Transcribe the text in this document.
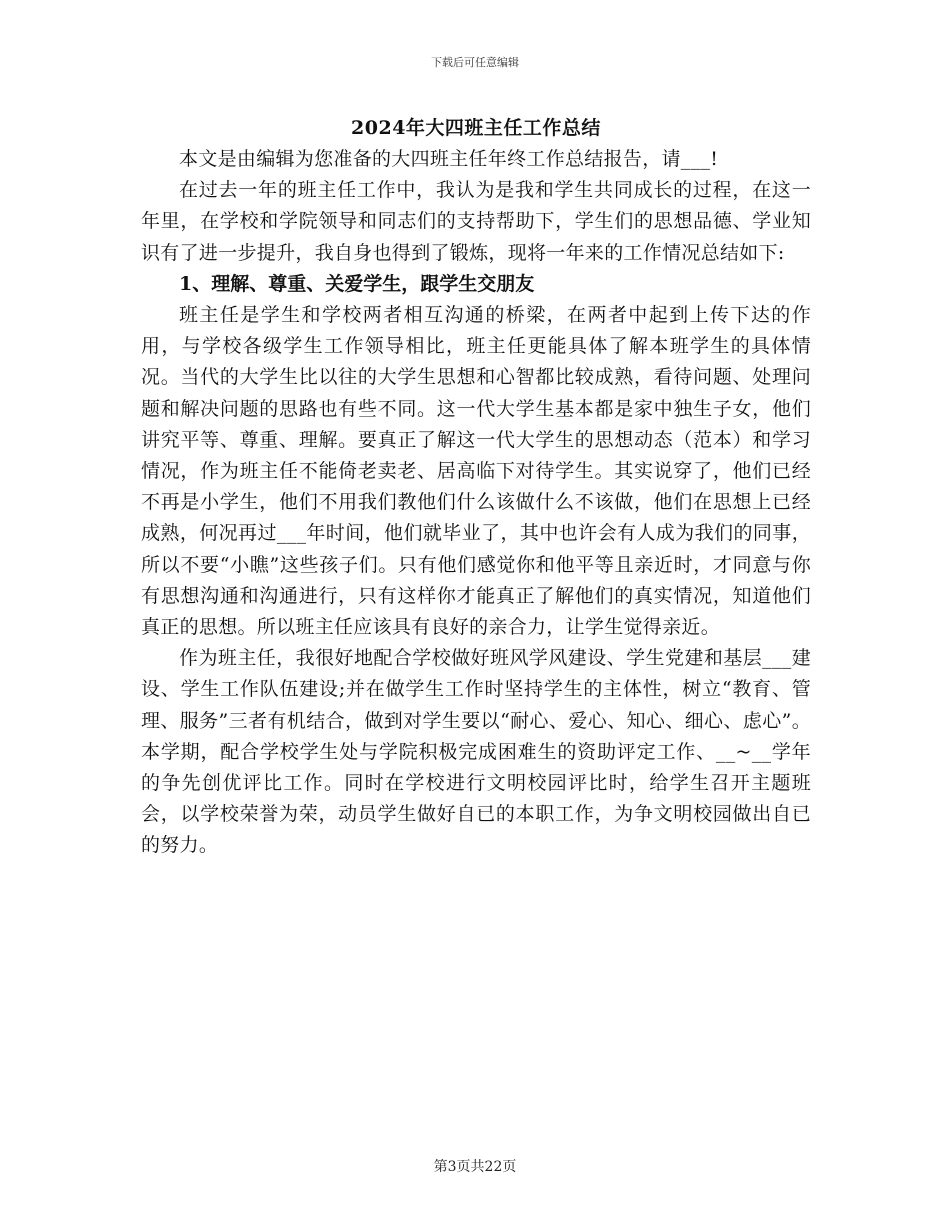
下载后可任意编辑
2024年大四班主任工作总结

本文是由编辑为您准备的大四班主任年终工作总结报告，请___!

在过去一年的班主任工作中，我认为是我和学生共同成长的过程，在这一年里，在学校和学院领导和同志们的支持帮助下，学生们的思想品德、学业知识有了进一步提升，我自身也得到了锻炼，现将一年来的工作情况总结如下:

1、理解、尊重、关爱学生，跟学生交朋友

班主任是学生和学校两者相互沟通的桥梁，在两者中起到上传下达的作用，与学校各级学生工作领导相比，班主任更能具体了解本班学生的具体情况。当代的大学生比以往的大学生思想和心智都比较成熟，看待问题、处理问题和解决问题的思路也有些不同。这一代大学生基本都是家中独生子女，他们讲究平等、尊重、理解。要真正了解这一代大学生的思想动态（范本）和学习情况，作为班主任不能倚老卖老、居高临下对待学生。其实说穿了，他们已经不再是小学生，他们不用我们教他们什么该做什么不该做，他们在思想上已经成熟，何况再过___年时间，他们就毕业了，其中也许会有人成为我们的同事，所以不要“小瞧”这些孩子们。只有他们感觉你和他平等且亲近时，才同意与你有思想沟通和沟通进行，只有这样你才能真正了解他们的真实情况，知道他们真正的思想。所以班主任应该具有良好的亲合力，让学生觉得亲近。

作为班主任，我很好地配合学校做好班风学风建设、学生党建和基层___建设、学生工作队伍建设;并在做学生工作时坚持学生的主体性，树立“教育、管理、服务”三者有机结合，做到对学生要以“耐心、爱心、知心、细心、虑心”。本学期，配合学校学生处与学院积极完成困难生的资助评定工作、__~__学年的争先创优评比工作。同时在学校进行文明校园评比时，给学生召开主题班会，以学校荣誉为荣，动员学生做好自已的本职工作，为争文明校园做出自已的努力。

第3页共22页
